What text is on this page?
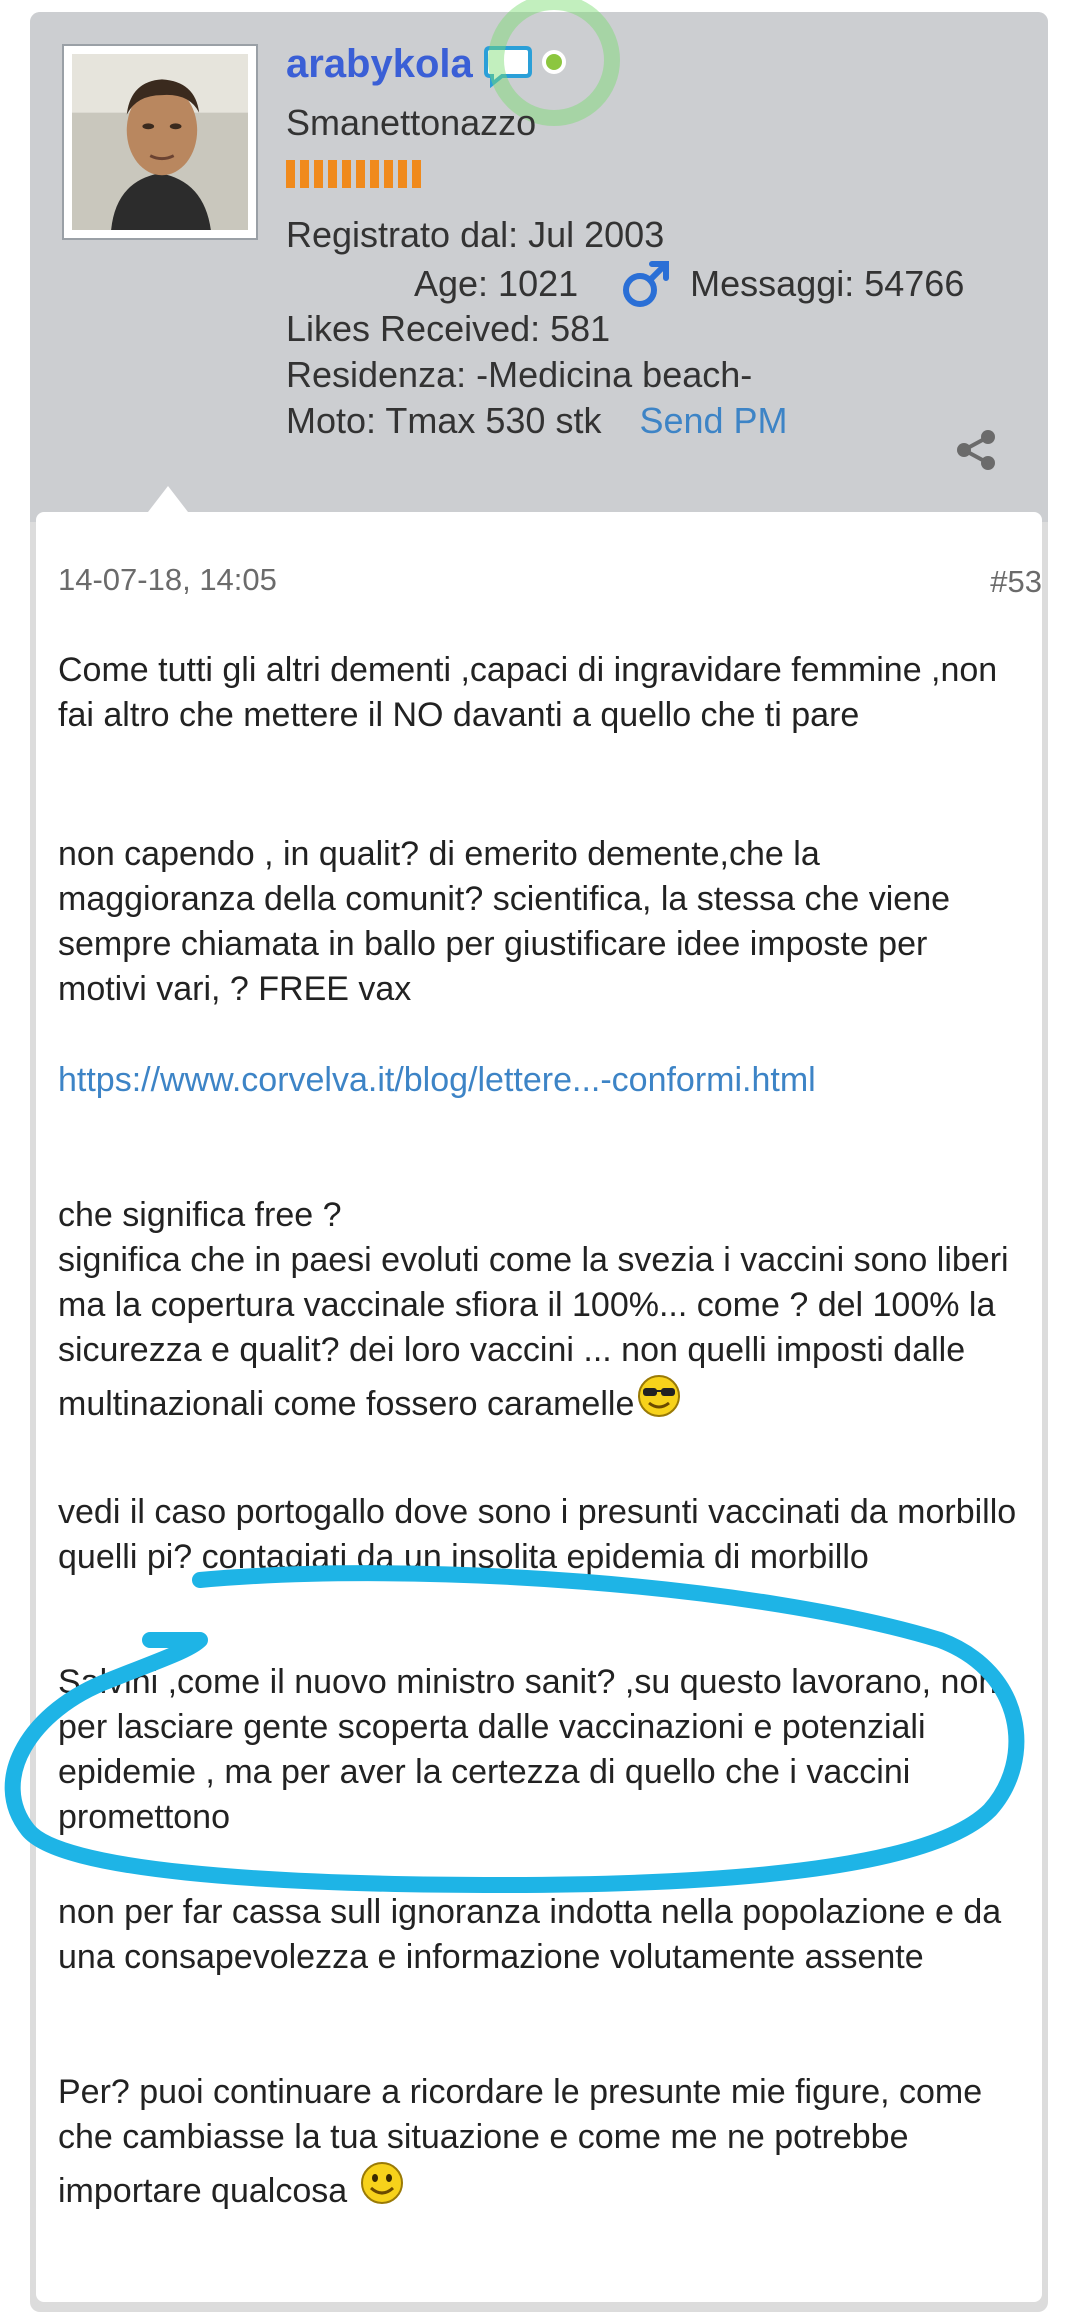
arabykola
Smanettonazzo
Registrato dal: Jul 2003
Age: 1021	Messaggi: 54766
Likes Received: 581
Residenza: -Medicina beach-
Moto: Tmax 530 stk Send PM
14-07-18, 14:05	#53
Come tutti gli altri dementi ,capaci di ingravidare femmine ,non fai altro che mettere il NO davanti a quello che ti pare
non capendo , in qualit? di emerito demente,che la maggioranza della comunit? scientifica, la stessa che viene sempre chiamata in ballo per giustificare idee imposte per motivi vari, ? FREE vax
https://www.corvelva.it/blog/lettere...-conformi.html

che significa free ?
significa che in paesi evoluti come la svezia i vaccini sono liberi ma la copertura vaccinale sfiora il 100%... come ? del 100% la sicurezza e qualit? dei loro vaccini ... non quelli imposti dalle multinazionali come fossero caramelle

vedi il caso portogallo dove sono i presunti vaccinati da morbillo quelli pi? contagiati da un insolita epidemia di morbillo
Salvini ,come il nuovo ministro sanit? ,su questo lavorano, non per lasciare gente scoperta dalle vaccinazioni e potenziali epidemie , ma per aver la certezza di quello che i vaccini promettono
non per far cassa sull ignoranza indotta nella popolazione e da una consapevolezza e informazione volutamente assente
Per? puoi continuare a ricordare le presunte mie figure, come che cambiasse la tua situazione e come me ne potrebbe importare qualcosa
